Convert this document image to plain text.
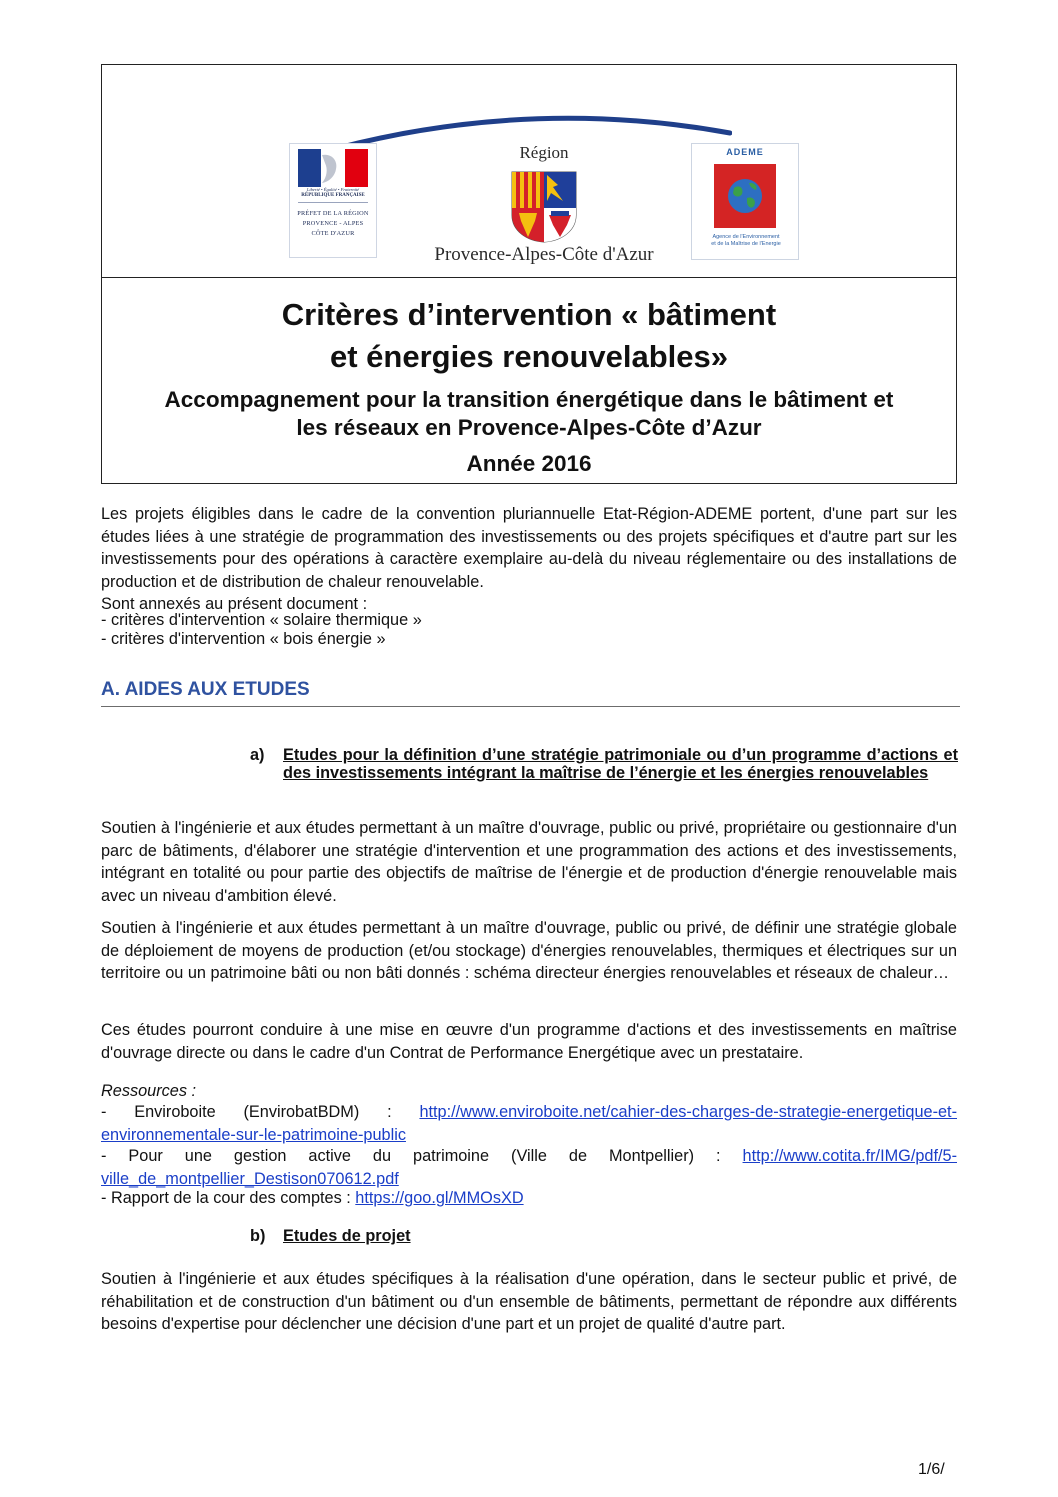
Liberté • Égalité • Fraternité
RÉPUBLIQUE FRANÇAISE
PRÉFET DE LA RÉGION
PROVENCE - ALPES
CÔTE D'AZUR
Région
Provence-Alpes-Côte d'Azur
ADEME
Agence de l'Environnement
et de la Maîtrise de l'Energie
Critères d’intervention « bâtiment
et énergies renouvelables»
Accompagnement pour la transition énergétique dans le bâtiment et
les réseaux en Provence-Alpes-Côte d’Azur
Année 2016
Les projets éligibles dans le cadre de la convention pluriannuelle Etat-Région-ADEME portent, d'une part sur les études liées à une stratégie de programmation des investissements ou des projets spécifiques et d'autre part sur les investissements pour des opérations à caractère exemplaire au-delà du niveau réglementaire ou des installations de production et de distribution de chaleur renouvelable.
Sont annexés au présent document :
- critères d'intervention « solaire thermique »
- critères d'intervention « bois énergie »
A. AIDES AUX ETUDES
a) Etudes pour la définition d’une stratégie patrimoniale ou d’un programme d’actions et des investissements intégrant la maîtrise de l’énergie et les énergies renouvelables
Soutien à l'ingénierie et aux études permettant à un maître d'ouvrage, public ou privé, propriétaire ou gestionnaire d'un parc de bâtiments, d'élaborer une stratégie d'intervention et une programmation des actions et des investissements, intégrant en totalité ou pour partie des objectifs de maîtrise de l'énergie et de production d'énergie renouvelable mais avec un niveau d'ambition élevé.
Soutien à l'ingénierie et aux études permettant à un maître d'ouvrage, public ou privé, de définir une stratégie globale de déploiement de moyens de production (et/ou stockage) d'énergies renouvelables, thermiques et électriques sur un territoire ou un patrimoine bâti ou non bâti donnés : schéma directeur énergies renouvelables et réseaux de chaleur…
Ces études pourront conduire à une mise en œuvre d'un programme d'actions et des investissements en maîtrise d'ouvrage directe ou dans le cadre d'un Contrat de Performance Energétique avec un prestataire.
Ressources :
- Enviroboite (EnvirobatBDM) : http://www.enviroboite.net/cahier-des-charges-de-strategie-energetique-et-environnementale-sur-le-patrimoine-public
- Pour une gestion active du patrimoine (Ville de Montpellier) : http://www.cotita.fr/IMG/pdf/5-ville_de_montpellier_Destison070612.pdf
- Rapport de la cour des comptes : https://goo.gl/MMOsXD
b) Etudes de projet
Soutien à l'ingénierie et aux études spécifiques à la réalisation d'une opération, dans le secteur public et privé, de réhabilitation et de construction d'un bâtiment ou d'un ensemble de bâtiments, permettant de répondre aux différents besoins d'expertise pour déclencher une décision d'une part et un projet de qualité d'autre part.
1/6/
